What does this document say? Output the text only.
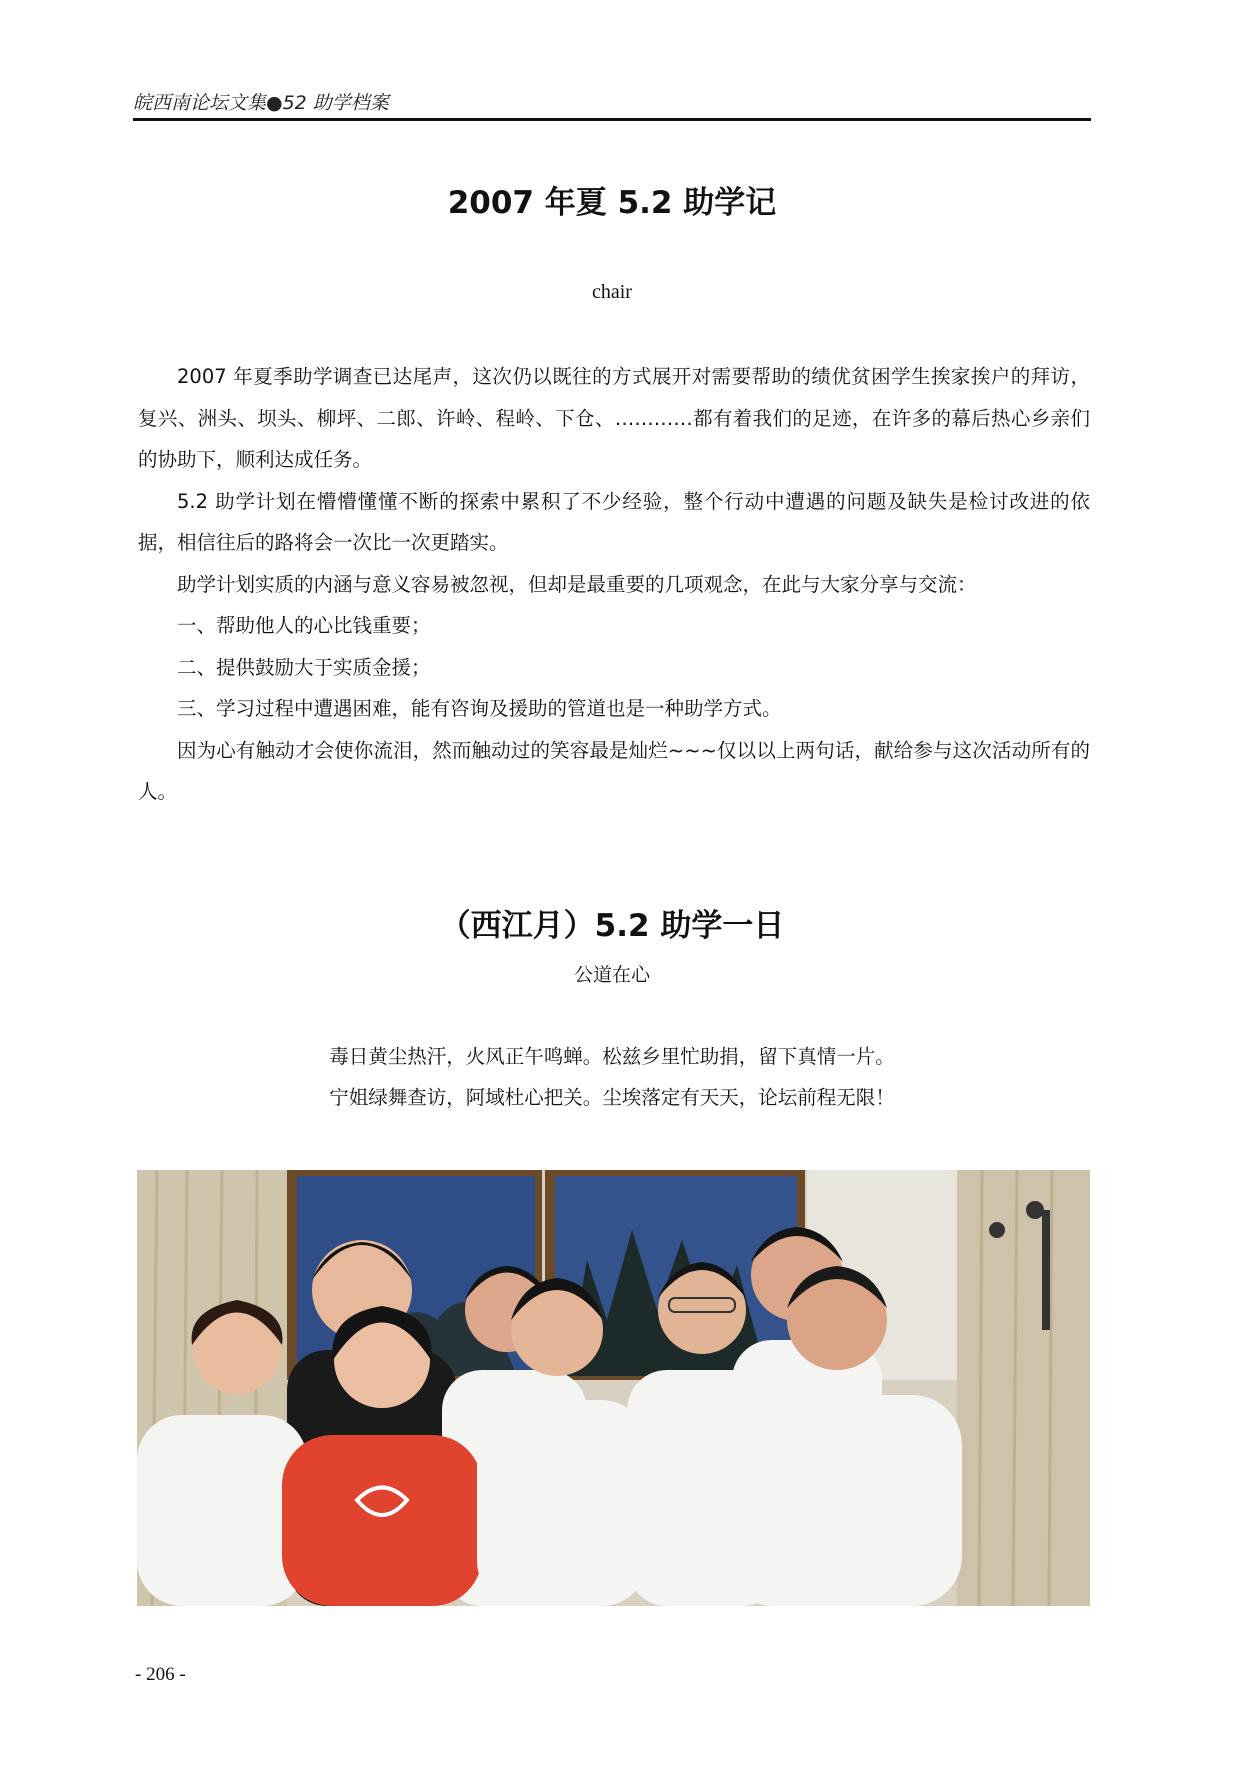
皖西南论坛文集●52 助学档案
2007 年夏 5.2 助学记
chair

2007 年夏季助学调查已达尾声，这次仍以既往的方式展开对需要帮助的绩优贫困学生挨家挨户的拜访，复兴、洲头、坝头、柳坪、二郎、许岭、程岭、下仓、…………都有着我们的足迹，在许多的幕后热心乡亲们的协助下，顺利达成任务。

5.2 助学计划在懵懵懂懂不断的探索中累积了不少经验，整个行动中遭遇的问题及缺失是检讨改进的依据，相信往后的路将会一次比一次更踏实。

助学计划实质的内涵与意义容易被忽视，但却是最重要的几项观念，在此与大家分享与交流：

一、帮助他人的心比钱重要；

二、提供鼓励大于实质金援；

三、学习过程中遭遇困难，能有咨询及援助的管道也是一种助学方式。

因为心有触动才会使你流泪，然而触动过的笑容最是灿烂~~~仅以以上两句话，献给参与这次活动所有的人。

（西江月）5.2 助学一日
公道在心

毒日黄尘热汗，火风正午鸣蝉。松兹乡里忙助捐，留下真情一片。

宁姐绿舞查访，阿域杜心把关。尘埃落定有天天，论坛前程无限！

- 206 -
